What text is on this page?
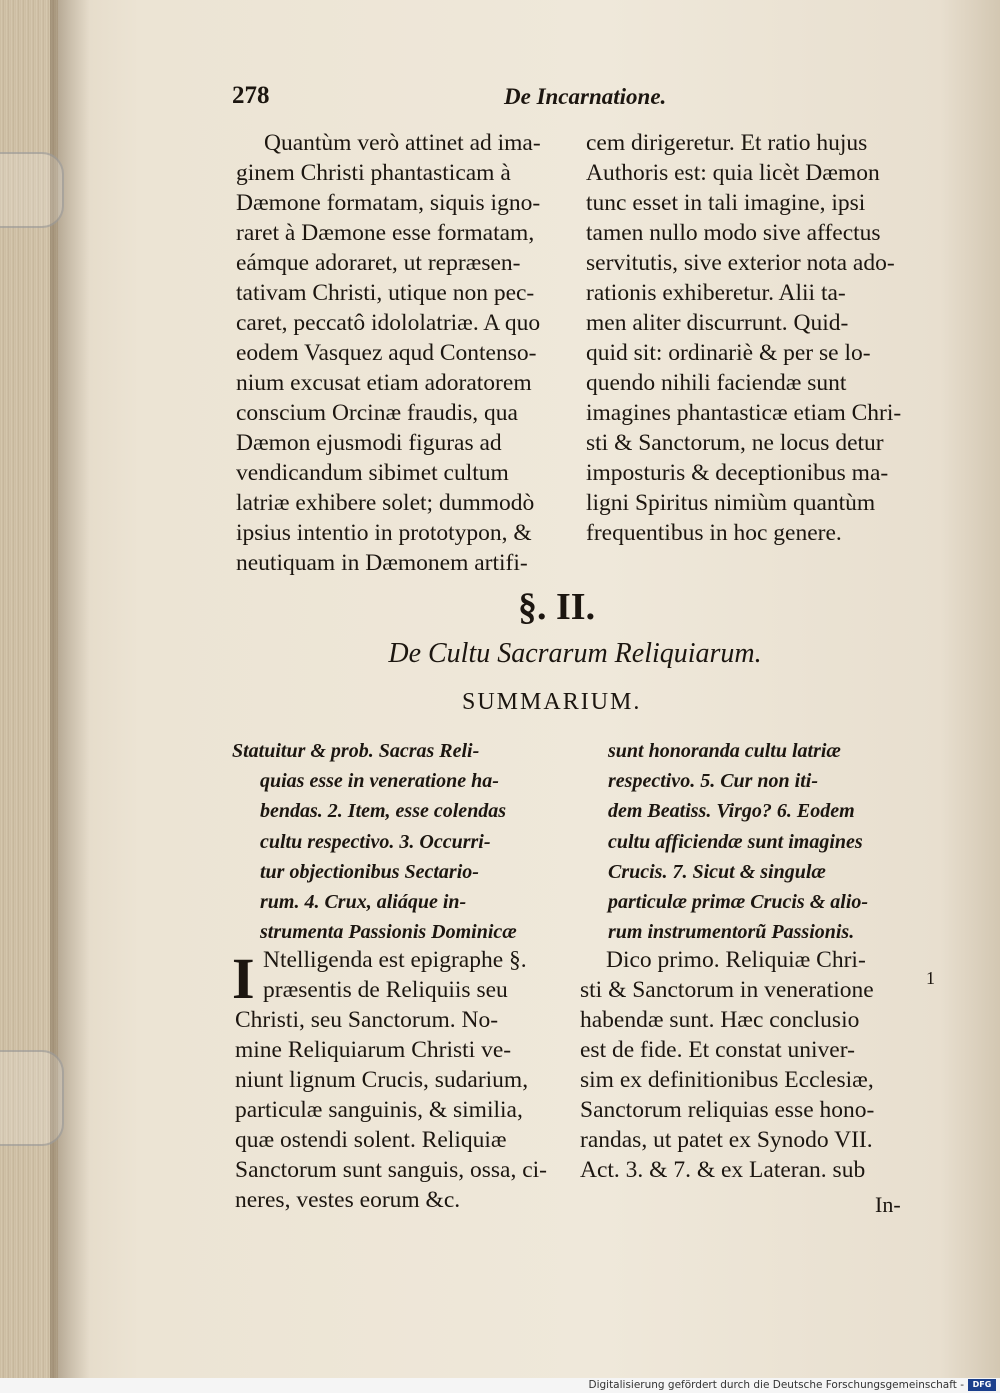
278	De Incarnatione.
Quantùm verò attinet ad ima-
ginem Christi phantasticam à
Dæmone formatam, siquis igno-
raret à Dæmone esse formatam,
eámque adoraret, ut repræsen-
tativam Christi, utique non pec-
caret, peccatô idololatriæ. A quo
eodem Vasquez aqud Contenso-
nium excusat etiam adoratorem
conscium Orcinæ fraudis, qua
Dæmon ejusmodi figuras ad
vendicandum sibimet cultum
latriæ exhibere solet; dummodò
ipsius intentio in prototypon, &
neutiquam in Dæmonem artifi-
cem dirigeretur. Et ratio hujus
Authoris est: quia licèt Dæmon
tunc esset in tali imagine, ipsi
tamen nullo modo sive affectus
servitutis, sive exterior nota ado-
rationis exhiberetur. Alii ta-
men aliter discurrunt. Quid-
quid sit: ordinariè & per se lo-
quendo nihili faciendæ sunt
imagines phantasticæ etiam Chri-
sti & Sanctorum, ne locus detur
imposturis & deceptionibus ma-
ligni Spiritus nimiùm quantùm
frequentibus in hoc genere.
§. II.
De Cultu Sacrarum Reliquiarum.
SUMMARIUM.
Statuitur & prob. Sacras Reli-
quias esse in veneratione ha-
bendas. 2. Item, esse colendas
cultu respectivo. 3. Occurri-
tur objectionibus Sectario-
rum. 4. Crux, aliáque in-
strumenta Passionis Dominicæ
sunt honoranda cultu latriæ
respectivo. 5. Cur non iti-
dem Beatiss. Virgo? 6. Eodem
cultu afficiendæ sunt imagines
Crucis. 7. Sicut & singulæ
particulæ primæ Crucis & alio-
rum instrumentorũ Passionis.
I Ntelligenda est epigraphe §.
præsentis de Reliquiis seu
Christi, seu Sanctorum. No-
mine Reliquiarum Christi ve-
niunt lignum Crucis, sudarium,
particulæ sanguinis, & similia,
quæ ostendi solent. Reliquiæ
Sanctorum sunt sanguis, ossa, ci-
neres, vestes eorum &c.
Dico primo. Reliquiæ Chri-
sti & Sanctorum in veneratione
habendæ sunt. Hæc conclusio
est de fide. Et constat univer-
sim ex definitionibus Ecclesiæ,
Sanctorum reliquias esse hono-
randas, ut patet ex Synodo VII.
Act. 3. & 7. & ex Lateran. sub
1
In-
Digitalisierung gefördert durch die Deutsche Forschungsgemeinschaft -	DFG
